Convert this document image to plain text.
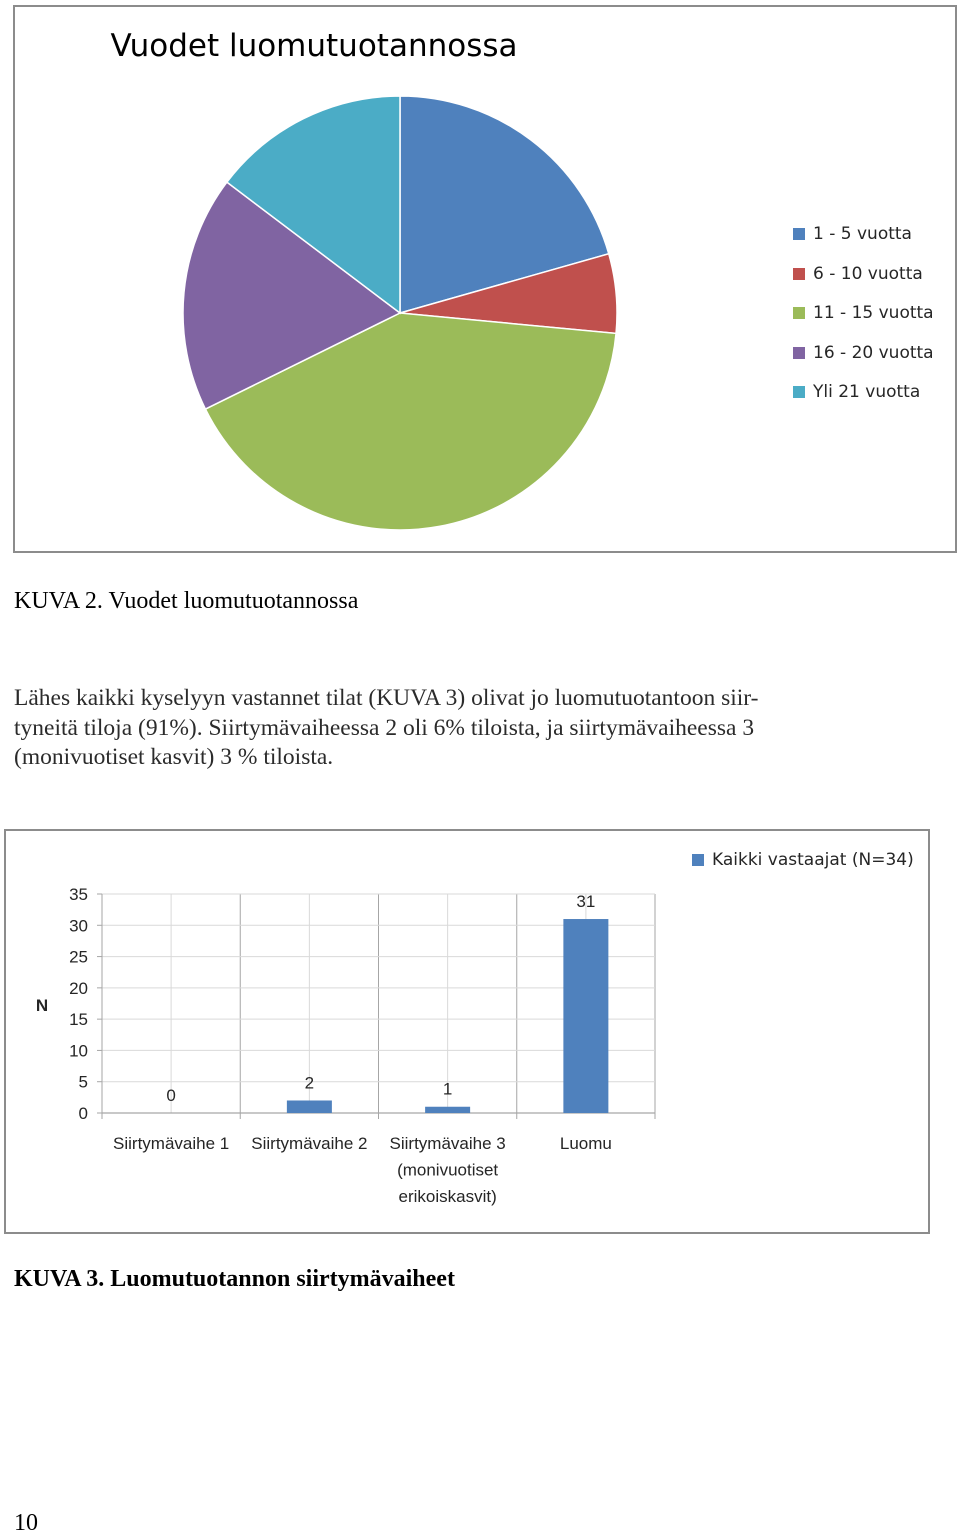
Vuodet luomutuotannossa
1 - 5 vuotta
6 - 10 vuotta
11 - 15 vuotta
16 - 20 vuotta
Yli 21 vuotta
KUVA 2. Vuodet luomutuotannossa
Lähes kaikki kyselyyn vastannet tilat (KUVA 3) olivat jo luomutuotantoon siir-
tyneitä tiloja (91%). Siirtymävaiheessa 2 oli 6% tiloista, ja siirtymävaiheessa 3
(monivuotiset kasvit) 3 % tiloista.
0
5
10
15
20
25
30
35
N
0
Siirtymävaihe 1
2
Siirtymävaihe 2
1
Siirtymävaihe 3
(monivuotiset
erikoiskasvit)
31
Luomu
Kaikki vastaajat (N=34)
KUVA 3. Luomutuotannon siirtymävaiheet
10
